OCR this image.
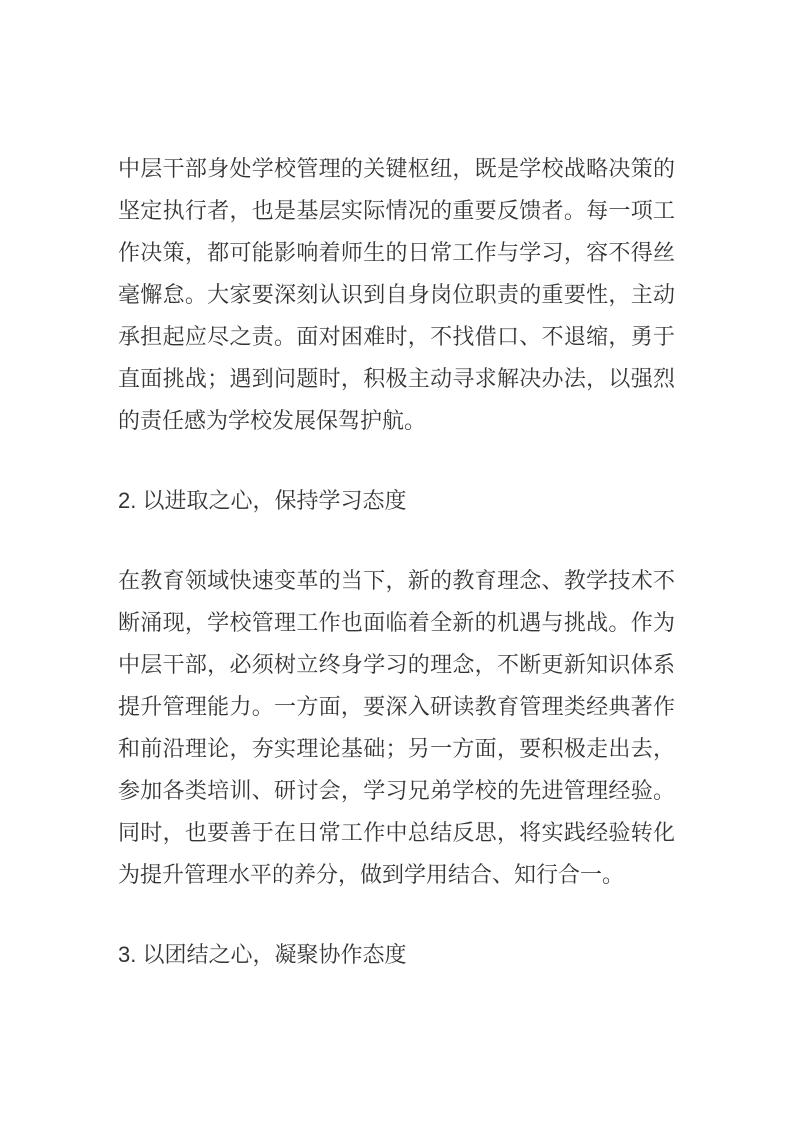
中层干部身处学校管理的关键枢纽，既是学校战略决策的坚定执行者，也是基层实际情况的重要反馈者。每一项工作决策，都可能影响着师生的日常工作与学习，容不得丝毫懈怠。大家要深刻认识到自身岗位职责的重要性，主动承担起应尽之责。面对困难时，不找借口、不退缩，勇于直面挑战；遇到问题时，积极主动寻求解决办法，以强烈的责任感为学校发展保驾护航。

2. 以进取之心，保持学习态度

在教育领域快速变革的当下，新的教育理念、教学技术不断涌现，学校管理工作也面临着全新的机遇与挑战。作为中层干部，必须树立终身学习的理念，不断更新知识体系提升管理能力。一方面，要深入研读教育管理类经典著作和前沿理论，夯实理论基础；另一方面，要积极走出去，参加各类培训、研讨会，学习兄弟学校的先进管理经验。同时，也要善于在日常工作中总结反思，将实践经验转化为提升管理水平的养分，做到学用结合、知行合一。

3. 以团结之心，凝聚协作态度
